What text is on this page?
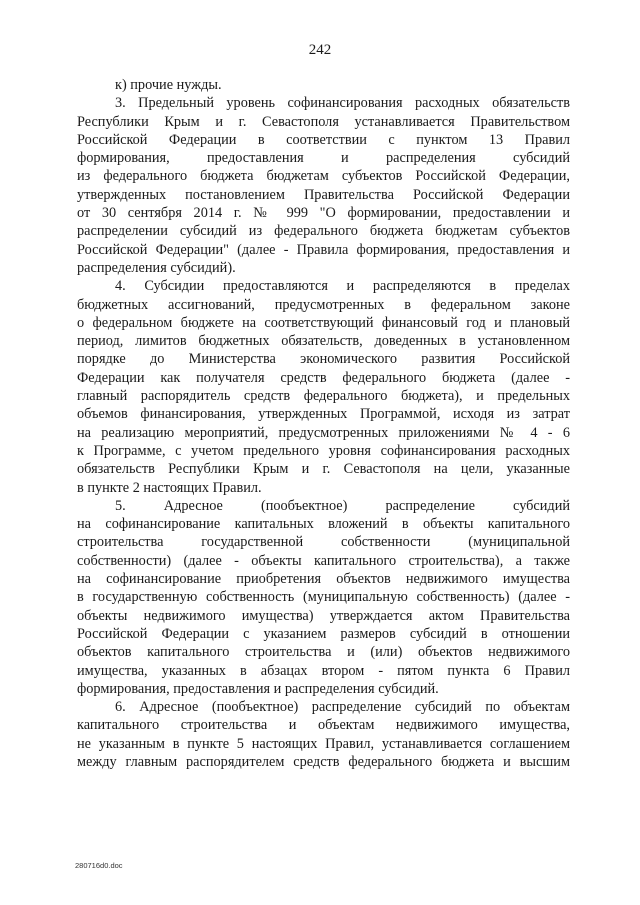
242
к) прочие нужды.
3. Предельный уровень софинансирования расходных обязательств
Республики Крым и г. Севастополя устанавливается Правительством
Российской Федерации в соответствии с пунктом 13 Правил
формирования, предоставления и распределения субсидий
из федерального бюджета бюджетам субъектов Российской Федерации,
утвержденных постановлением Правительства Российской Федерации
от 30 сентября 2014 г. № 999 "О формировании, предоставлении и
распределении субсидий из федерального бюджета бюджетам субъектов
Российской Федерации" (далее - Правила формирования, предоставления и
распределения субсидий).
4. Субсидии предоставляются и распределяются в пределах
бюджетных ассигнований, предусмотренных в федеральном законе
о федеральном бюджете на соответствующий финансовый год и плановый
период, лимитов бюджетных обязательств, доведенных в установленном
порядке до Министерства экономического развития Российской
Федерации как получателя средств федерального бюджета (далее -
главный распорядитель средств федерального бюджета), и предельных
объемов финансирования, утвержденных Программой, исходя из затрат
на реализацию мероприятий, предусмотренных приложениями № 4 - 6
к Программе, с учетом предельного уровня софинансирования расходных
обязательств Республики Крым и г. Севастополя на цели, указанные
в пункте 2 настоящих Правил.
5. Адресное (пообъектное) распределение субсидий
на софинансирование капитальных вложений в объекты капитального
строительства государственной собственности (муниципальной
собственности) (далее - объекты капитального строительства), а также
на софинансирование приобретения объектов недвижимого имущества
в государственную собственность (муниципальную собственность) (далее -
объекты недвижимого имущества) утверждается актом Правительства
Российской Федерации с указанием размеров субсидий в отношении
объектов капитального строительства и (или) объектов недвижимого
имущества, указанных в абзацах втором - пятом пункта 6 Правил
формирования, предоставления и распределения субсидий.
6. Адресное (пообъектное) распределение субсидий по объектам
капитального строительства и объектам недвижимого имущества,
не указанным в пункте 5 настоящих Правил, устанавливается соглашением
между главным распорядителем средств федерального бюджета и высшим
280716d0.doc
